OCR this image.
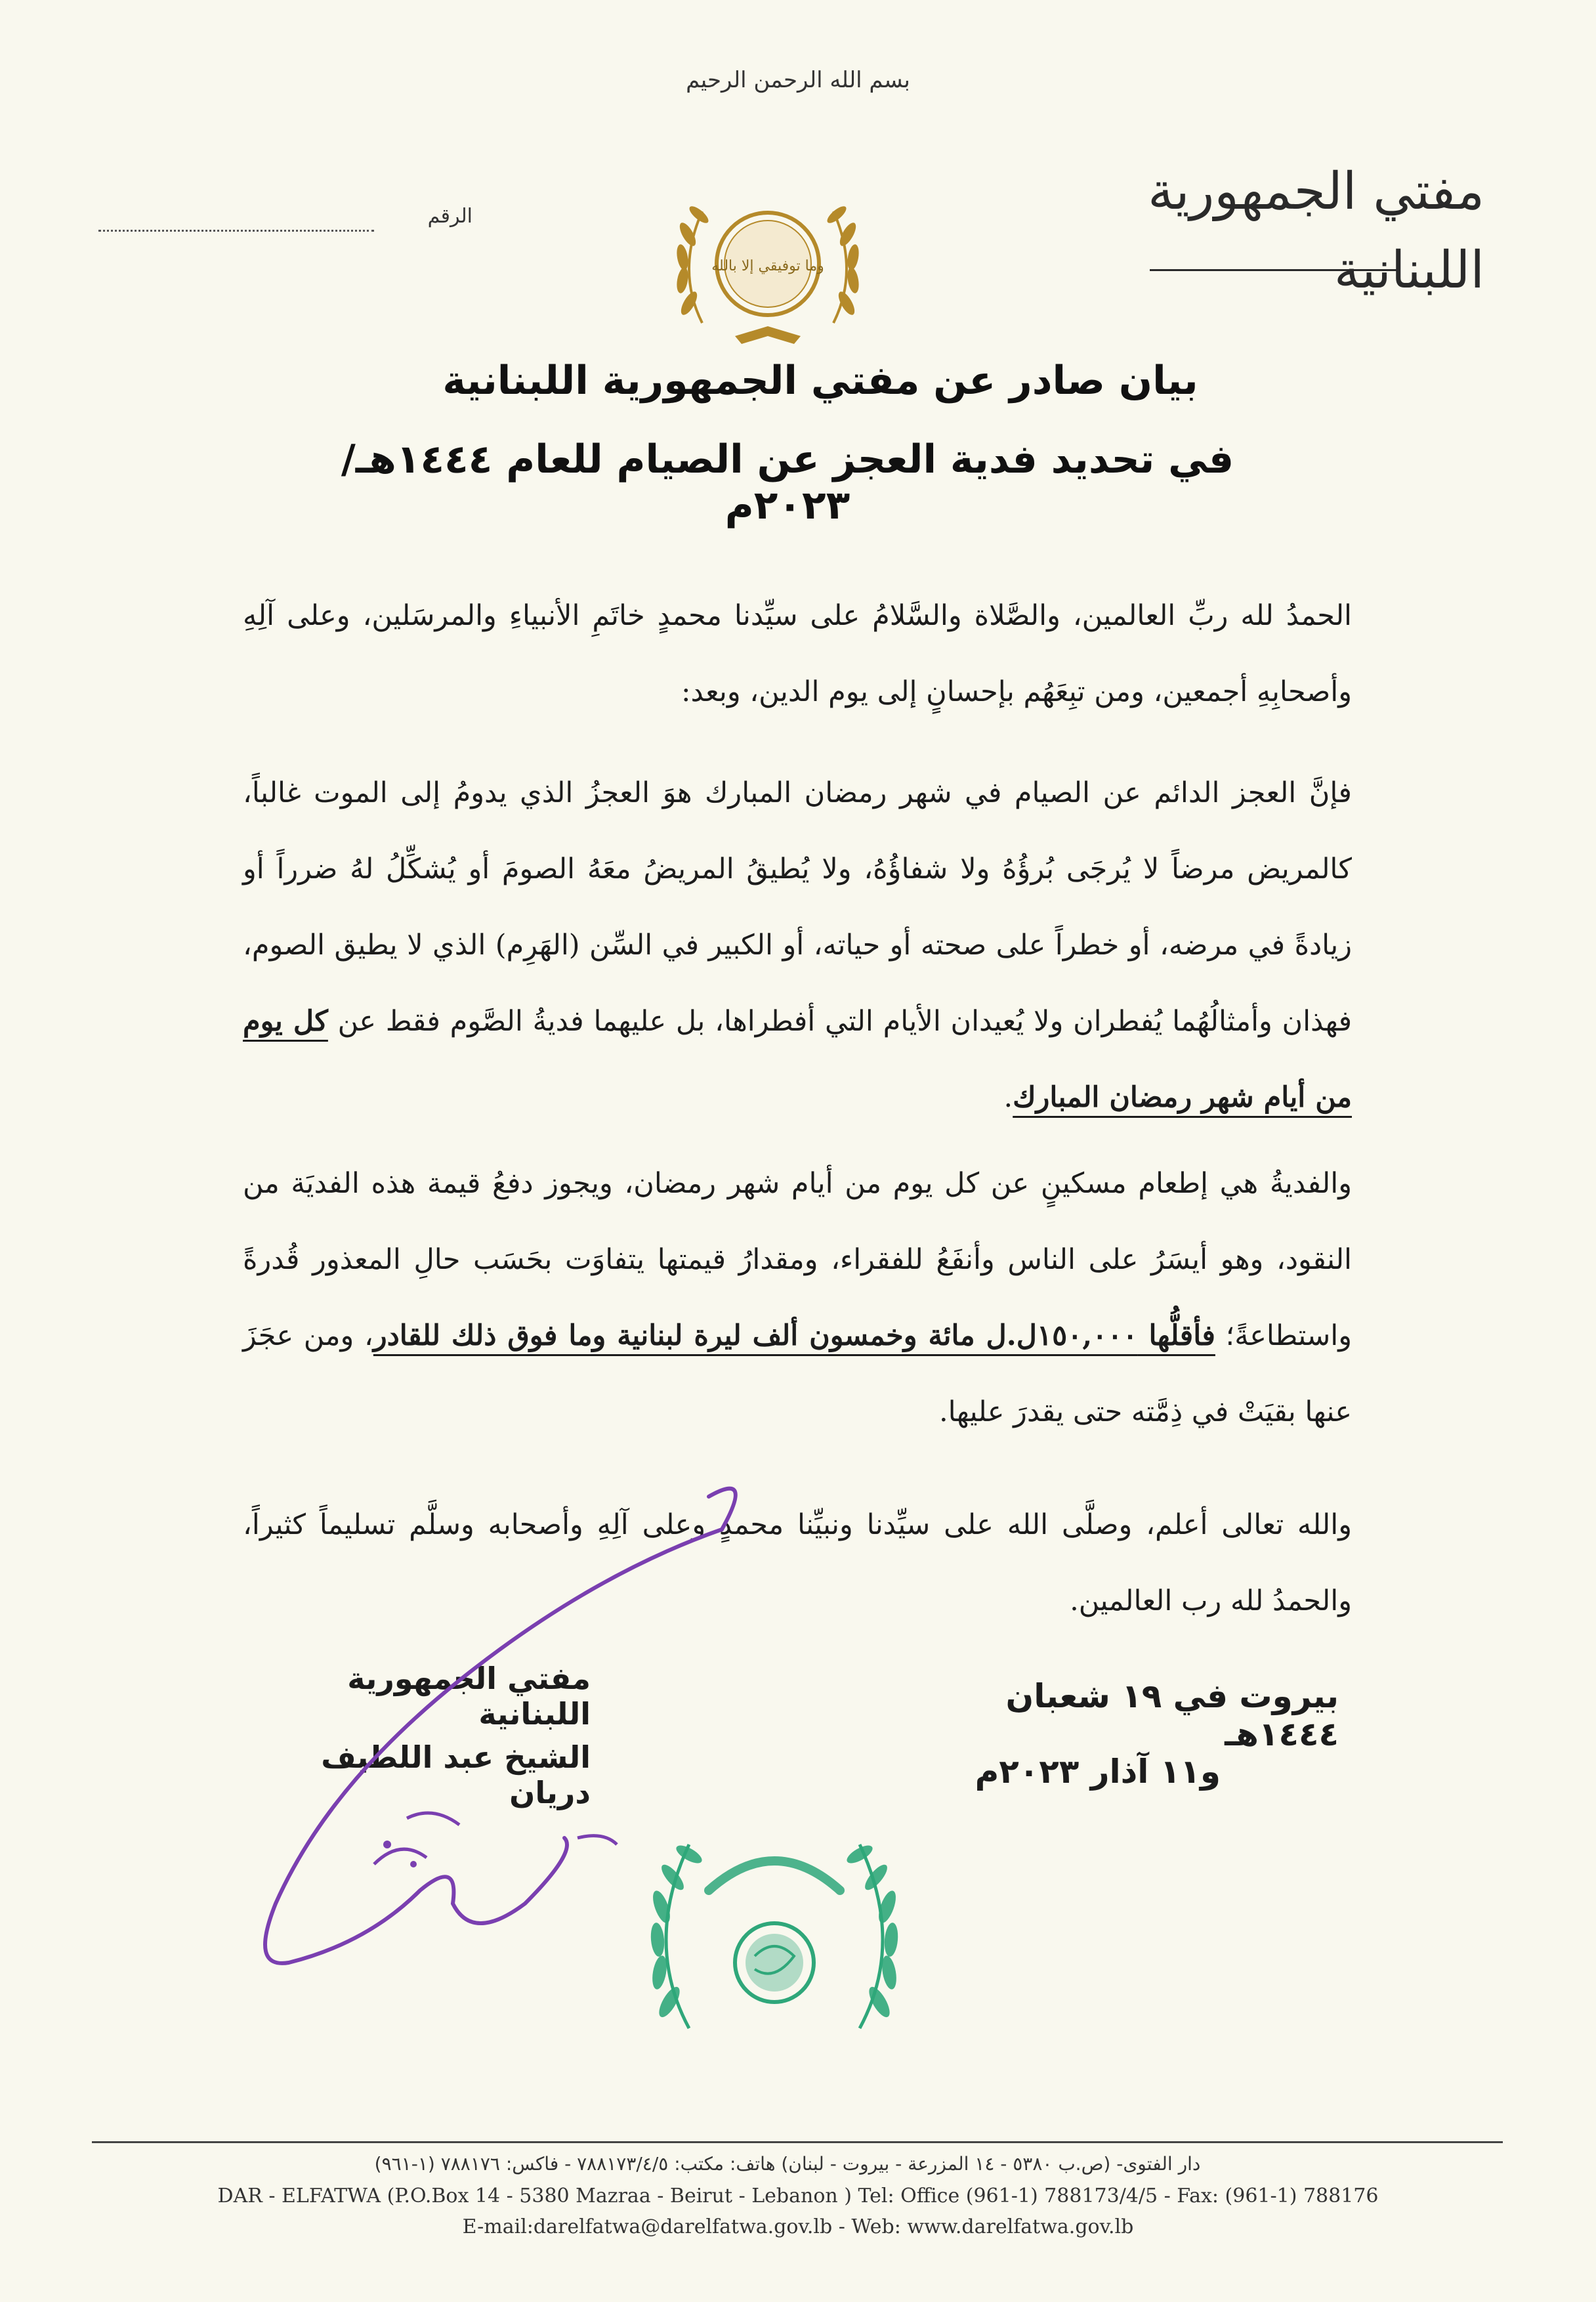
بسم الله الرحمن الرحيم
مفتي الجمهورية اللبنانية
الرقم
وما توفيقي إلا بالله
بيان صادر عن مفتي الجمهورية اللبنانية
في تحديد فدية العجز عن الصيام للعام ١٤٤٤هـ/٢٠٢٣م
الحمدُ لله ربِّ العالمين، والصَّلاة والسَّلامُ على سيِّدنا محمدٍ خاتَمِ الأنبياءِ والمرسَلين، وعلى آلِهِ وأصحابِهِ أجمعين، ومن تبِعَهُم بإحسانٍ إلى يوم الدين، وبعد:
فإنَّ العجز الدائم عن الصيام في شهر رمضان المبارك هوَ العجزُ الذي يدومُ إلى الموت غالباً، كالمريض مرضاً لا يُرجَى بُرؤُهُ ولا شفاؤُهُ، ولا يُطيقُ المريضُ معَهُ الصومَ أو يُشكِّلُ لهُ ضرراً أو زيادةً في مرضه، أو خطراً على صحته أو حياته، أو الكبير في السِّن (الهَرِم) الذي لا يطيق الصوم، فهذان وأمثالُهُما يُفطران ولا يُعيدان الأيام التي أفطراها، بل عليهما فديةُ الصَّوم فقط عن كل يوم من أيام شهر رمضان المبارك.
والفديةُ هي إطعام مسكينٍ عن كل يوم من أيام شهر رمضان، ويجوز دفعُ قيمة هذه الفديَة من النقود، وهو أيسَرُ على الناس وأنفَعُ للفقراء، ومقدارُ قيمتها يتفاوَت بحَسَب حالِ المعذور قُدرةً واستطاعةً؛ فأقلُّها ١٥٠,٠٠٠ل.ل مائة وخمسون ألف ليرة لبنانية وما فوق ذلك للقادر، ومن عجَزَ عنها بقيَتْ في ذِمَّته حتى يقدرَ عليها.
والله تعالى أعلم، وصلَّى الله على سيِّدنا ونبيِّنا محمدٍ وعلى آلِهِ وأصحابه وسلَّم تسليماً كثيراً، والحمدُ لله رب العالمين.
مفتي الجمهورية اللبنانية
الشيخ عبد اللطيف دريان
بيروت في ١٩ شعبان ١٤٤٤هـ
و١١ آذار ٢٠٢٣م
دار الفتوى- (ص.ب ٥٣٨٠ - ١٤ المزرعة - بيروت - لبنان) هاتف: مكتب: ٧٨٨١٧٣/٤/٥ - فاكس: ٧٨٨١٧٦ (١-٩٦١)
DAR - ELFATWA (P.O.Box 14 - 5380 Mazraa - Beirut - Lebanon ) Tel: Office (961-1) 788173/4/5 - Fax: (961-1) 788176
E-mail:darelfatwa@darelfatwa.gov.lb - Web: www.darelfatwa.gov.lb
